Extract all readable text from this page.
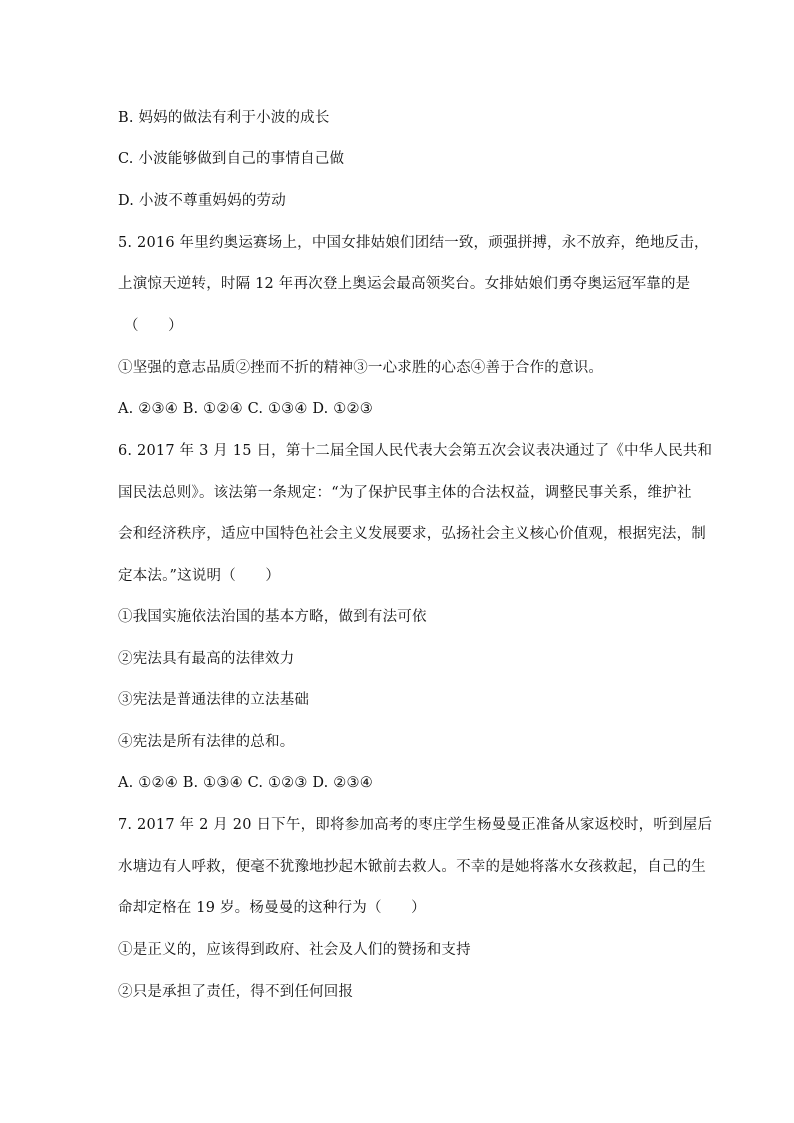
B. 妈妈的做法有利于小波的成长
C. 小波能够做到自己的事情自己做
D. 小波不尊重妈妈的劳动
5. 2016 年里约奥运赛场上，中国女排姑娘们团结一致，顽强拼搏，永不放弃，绝地反击，
上演惊天逆转，时隔 12 年再次登上奥运会最高领奖台。女排姑娘们勇夺奥运冠军靠的是
（　　）
①坚强的意志品质②挫而不折的精神③一心求胜的心态④善于合作的意识。
A. ②③④ B. ①②④ C. ①③④ D. ①②③
6. 2017 年 3 月 15 日，第十二届全国人民代表大会第五次会议表决通过了《中华人民共和
国民法总则》。该法第一条规定：“为了保护民事主体的合法权益，调整民事关系，维护社
会和经济秩序，适应中国特色社会主义发展要求，弘扬社会主义核心价值观，根据宪法，制
定本法。”这说明（　　）
①我国实施依法治国的基本方略，做到有法可依
②宪法具有最高的法律效力
③宪法是普通法律的立法基础
④宪法是所有法律的总和。
A. ①②④ B. ①③④ C. ①②③ D. ②③④
7. 2017 年 2 月 20 日下午，即将参加高考的枣庄学生杨曼曼正准备从家返校时，听到屋后
水塘边有人呼救，便毫不犹豫地抄起木锨前去救人。不幸的是她将落水女孩救起，自己的生
命却定格在 19 岁。杨曼曼的这种行为（　　）
①是正义的，应该得到政府、社会及人们的赞扬和支持
②只是承担了责任，得不到任何回报
